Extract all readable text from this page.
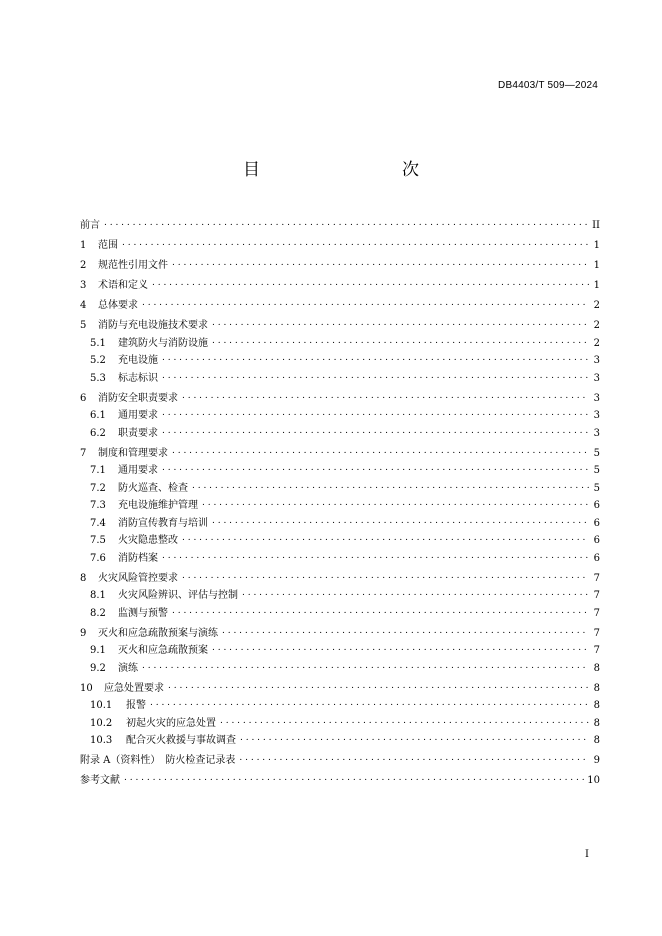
DB4403/T 509—2024
目　　次
前言 . . .	II
1	范围 . . .	1
2	规范性引用文件 . . .	1
3	术语和定义 . . .	1
4	总体要求 . . .	2
5	消防与充电设施技术要求 . . .	2
5.1	建筑防火与消防设施 . . .	2
5.2	充电设施 . . .	3
5.3	标志标识 . . .	3
6	消防安全职责要求 . . .	3
6.1	通用要求 . . .	3
6.2	职责要求 . . .	3
7	制度和管理要求 . . .	5
7.1	通用要求 . . .	5
7.2	防火巡查、检查 . . .	5
7.3	充电设施维护管理 . . .	6
7.4	消防宣传教育与培训 . . .	6
7.5	火灾隐患整改 . . .	6
7.6	消防档案 . . .	6
8	火灾风险管控要求 . . .	7
8.1	火灾风险辨识、评估与控制 . . .	7
8.2	监测与预警 . . .	7
9	灭火和应急疏散预案与演练 . . .	7
9.1	灭火和应急疏散预案 . . .	7
9.2	演练 . . .	8
10	应急处置要求 . . .	8
10.1	报警 . . .	8
10.2	初起火灾的应急处置 . . .	8
10.3	配合灭火救援与事故调查 . . .	8
附录 A（资料性）　防火检查记录表 . . .	9
参考文献 . . .	10
I
